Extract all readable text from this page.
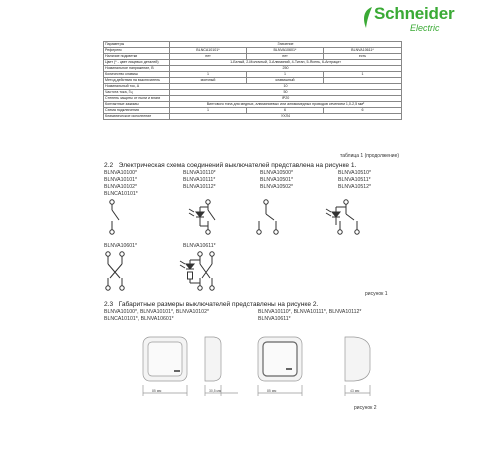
Schneider
Electric
Параметры	Значение		
Референс	BLNCA10101*	BLNVA10601*	BLNVA10611*
Наличие подсветки	нет	нет	есть
Цвет (* - цвет лицевых деталей)	1-Белый, 2-Молочный, 3-Алюминий, 4-Титан, 5-Ясень, 6-Антрацит		
Номинальное напряжение, В	250		
Количество клавиш	1	1	1
Метод действия на выключатель	моечный	клавишный	
Номинальный ток, А	10		
Частота тока, Гц	50		
Степень защиты от пыли и влаги	IP20		
Контактные зажимы	Винтового типа для медных, алюминиевых или алюмомедных проводов сечением 1,0-2,5 мм²		
Схема подключения	1	6	6
Климатическое исполнение	УХЛ4		
таблица 1 (продолжение)
2.2 Электрическая схема соединений выключателей представлена на рисунке 1.
BLNVA10100*
BLNVA10101*
BLNVA10102*
BLNCA10101*
BLNVA10110*
BLNVA10111*
BLNVA10112*
BLNVA10500*
BLNVA10501*
BLNVA10502*
BLNVA10510*
BLNVA10511*
BLNVA10512*
BLNVA10601*	BLNVA10611*
рисунок 1
2.3 Габаритные размеры выключателей представлены на рисунке 2.
BLNVA10100*, BLNVA10101*, BLNVA10102*
BLNCA10101*, BLNVA10601*
BLNVA10110*, BLNVA10111*, BLNVA10112*
BLNVA10611*
85 мм	30,5 мм	85 мм	43 мм
рисунок 2
